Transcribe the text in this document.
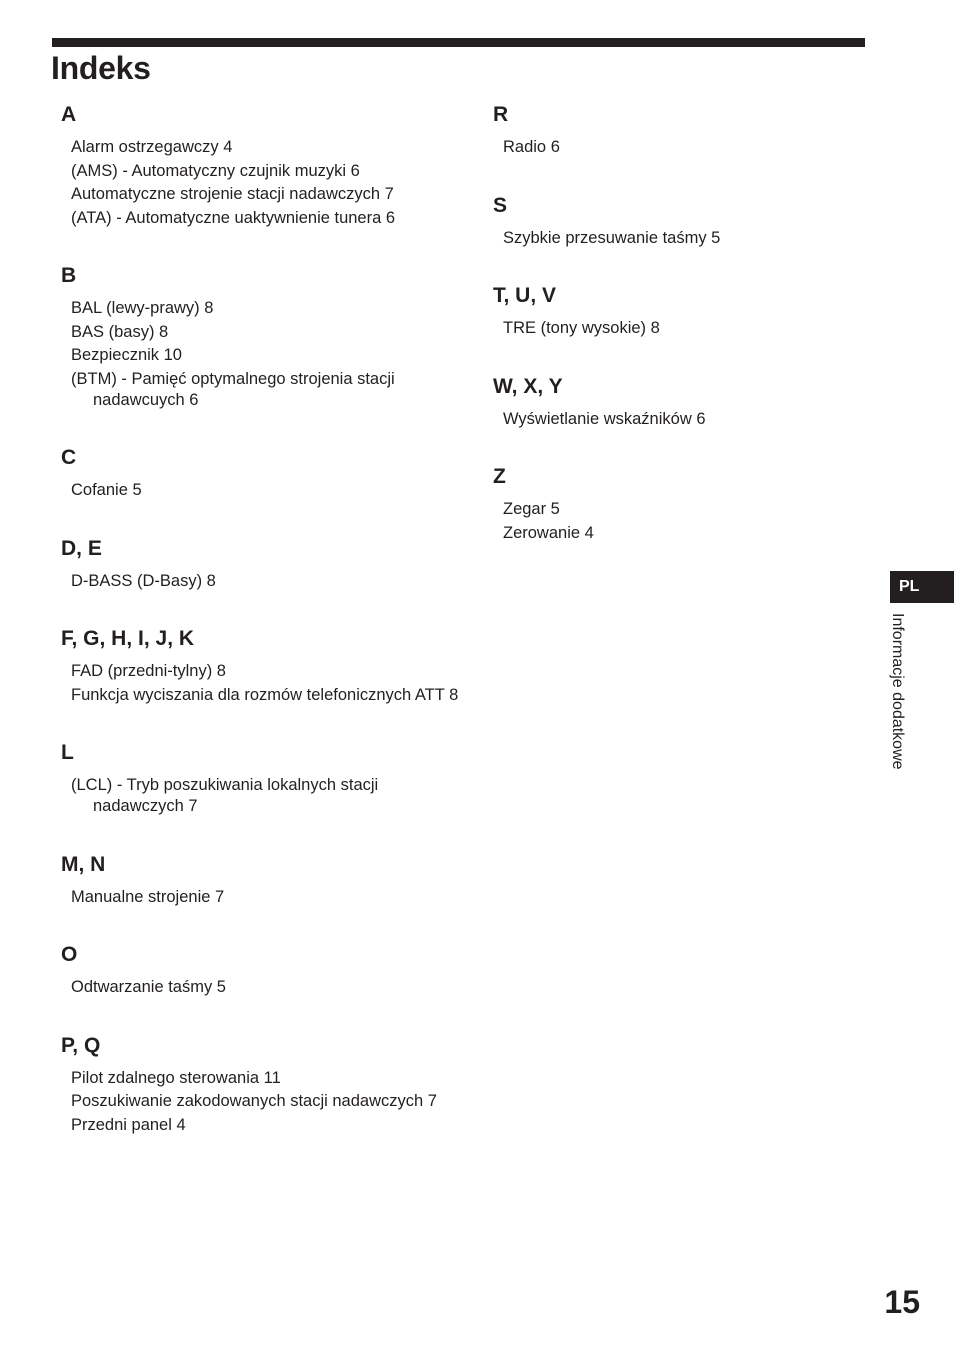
Indeks
A
Alarm ostrzegawczy 4
(AMS) - Automatyczny czujnik muzyki 6
Automatyczne strojenie stacji nadawczych 7
(ATA) - Automatyczne uaktywnienie tunera 6
B
BAL (lewy-prawy) 8
BAS (basy) 8
Bezpiecznik 10
(BTM) - Pamięć optymalnego strojenia stacji nadawcuych 6
C
Cofanie 5
D, E
D-BASS (D-Basy) 8
F, G, H, I, J, K
FAD (przedni-tylny) 8
Funkcja wyciszania dla rozmów telefonicznych ATT 8
L
(LCL) - Tryb poszukiwania lokalnych stacji nadawczych 7
M, N
Manualne strojenie 7
O
Odtwarzanie taśmy 5
P, Q
Pilot zdalnego sterowania 11
Poszukiwanie zakodowanych stacji nadawczych 7
Przedni panel 4
R
Radio 6
S
Szybkie przesuwanie taśmy 5
T, U, V
TRE (tony wysokie) 8
W, X, Y
Wyświetlanie wskaźników 6
Z
Zegar 5
Zerowanie 4
PL
Informacje dodatkowe
15
